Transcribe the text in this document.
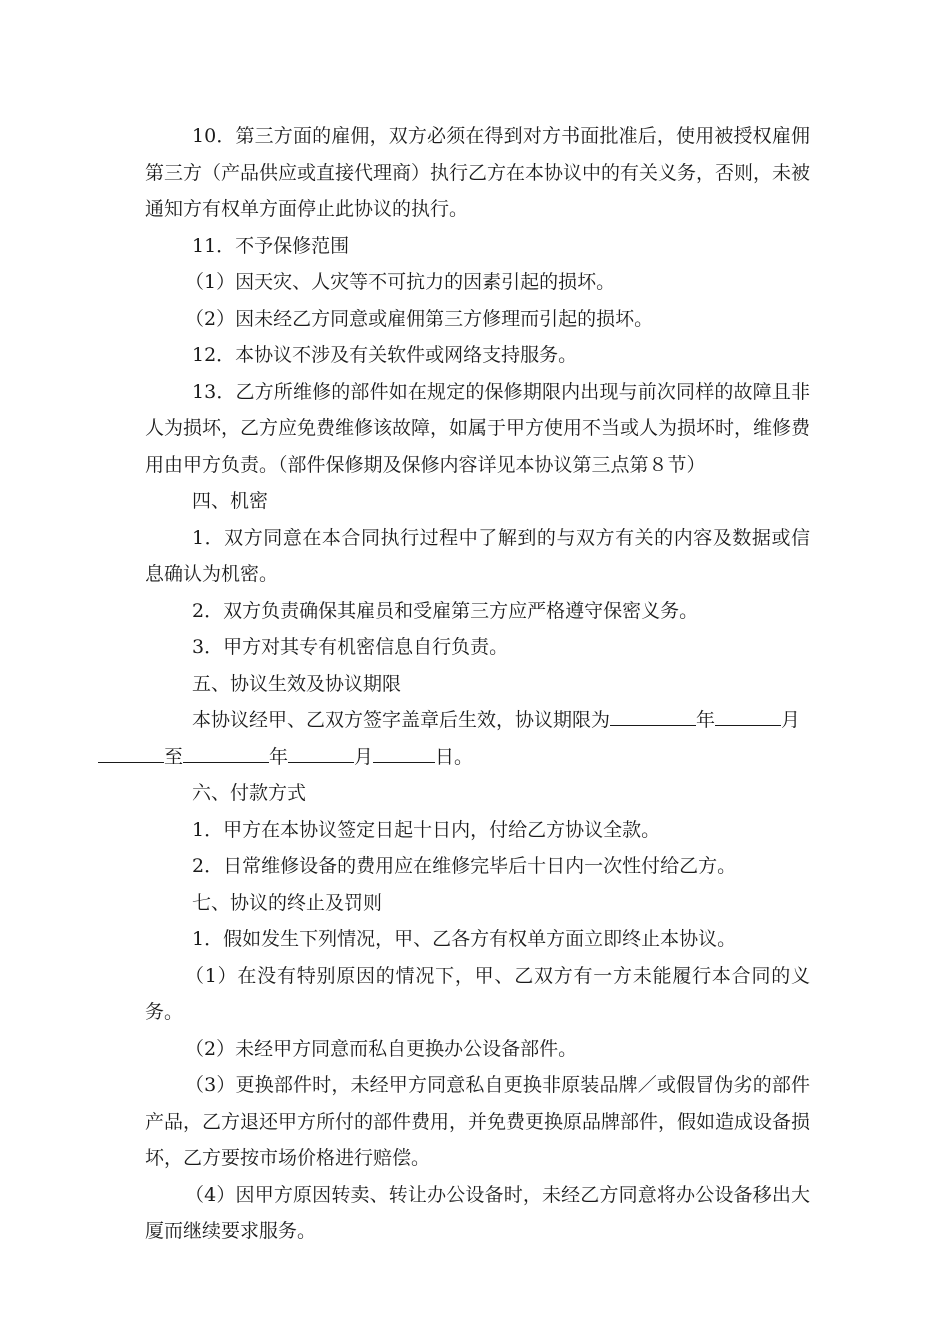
10．第三方面的雇佣，双方必须在得到对方书面批准后，使用被授权雇佣第三方（产品供应或直接代理商）执行乙方在本协议中的有关义务，否则，未被通知方有权单方面停止此协议的执行。

11．不予保修范围

（1）因天灾、人灾等不可抗力的因素引起的损坏。

（2）因未经乙方同意或雇佣第三方修理而引起的损坏。

12．本协议不涉及有关软件或网络支持服务。

13．乙方所维修的部件如在规定的保修期限内出现与前次同样的故障且非人为损坏，乙方应免费维修该故障，如属于甲方使用不当或人为损坏时，维修费用由甲方负责。（部件保修期及保修内容详见本协议第三点第８节）

四、机密

1．双方同意在本合同执行过程中了解到的与双方有关的内容及数据或信息确认为机密。

2．双方负责确保其雇员和受雇第三方应严格遵守保密义务。

3．甲方对其专有机密信息自行负责。

五、协议生效及协议期限

本协议经甲、乙双方签字盖章后生效，协议期限为	年	月
至	年	月	日。

六、付款方式

1．甲方在本协议签定日起十日内，付给乙方协议全款。

2．日常维修设备的费用应在维修完毕后十日内一次性付给乙方。

七、协议的终止及罚则

1．假如发生下列情况，甲、乙各方有权单方面立即终止本协议。

（1）在没有特别原因的情况下，甲、乙双方有一方未能履行本合同的义务。

（2）未经甲方同意而私自更换办公设备部件。

（3）更换部件时，未经甲方同意私自更换非原装品牌／或假冒伪劣的部件产品，乙方退还甲方所付的部件费用，并免费更换原品牌部件，假如造成设备损坏，乙方要按市场价格进行赔偿。

（4）因甲方原因转卖、转让办公设备时，未经乙方同意将办公设备移出大厦而继续要求服务。
